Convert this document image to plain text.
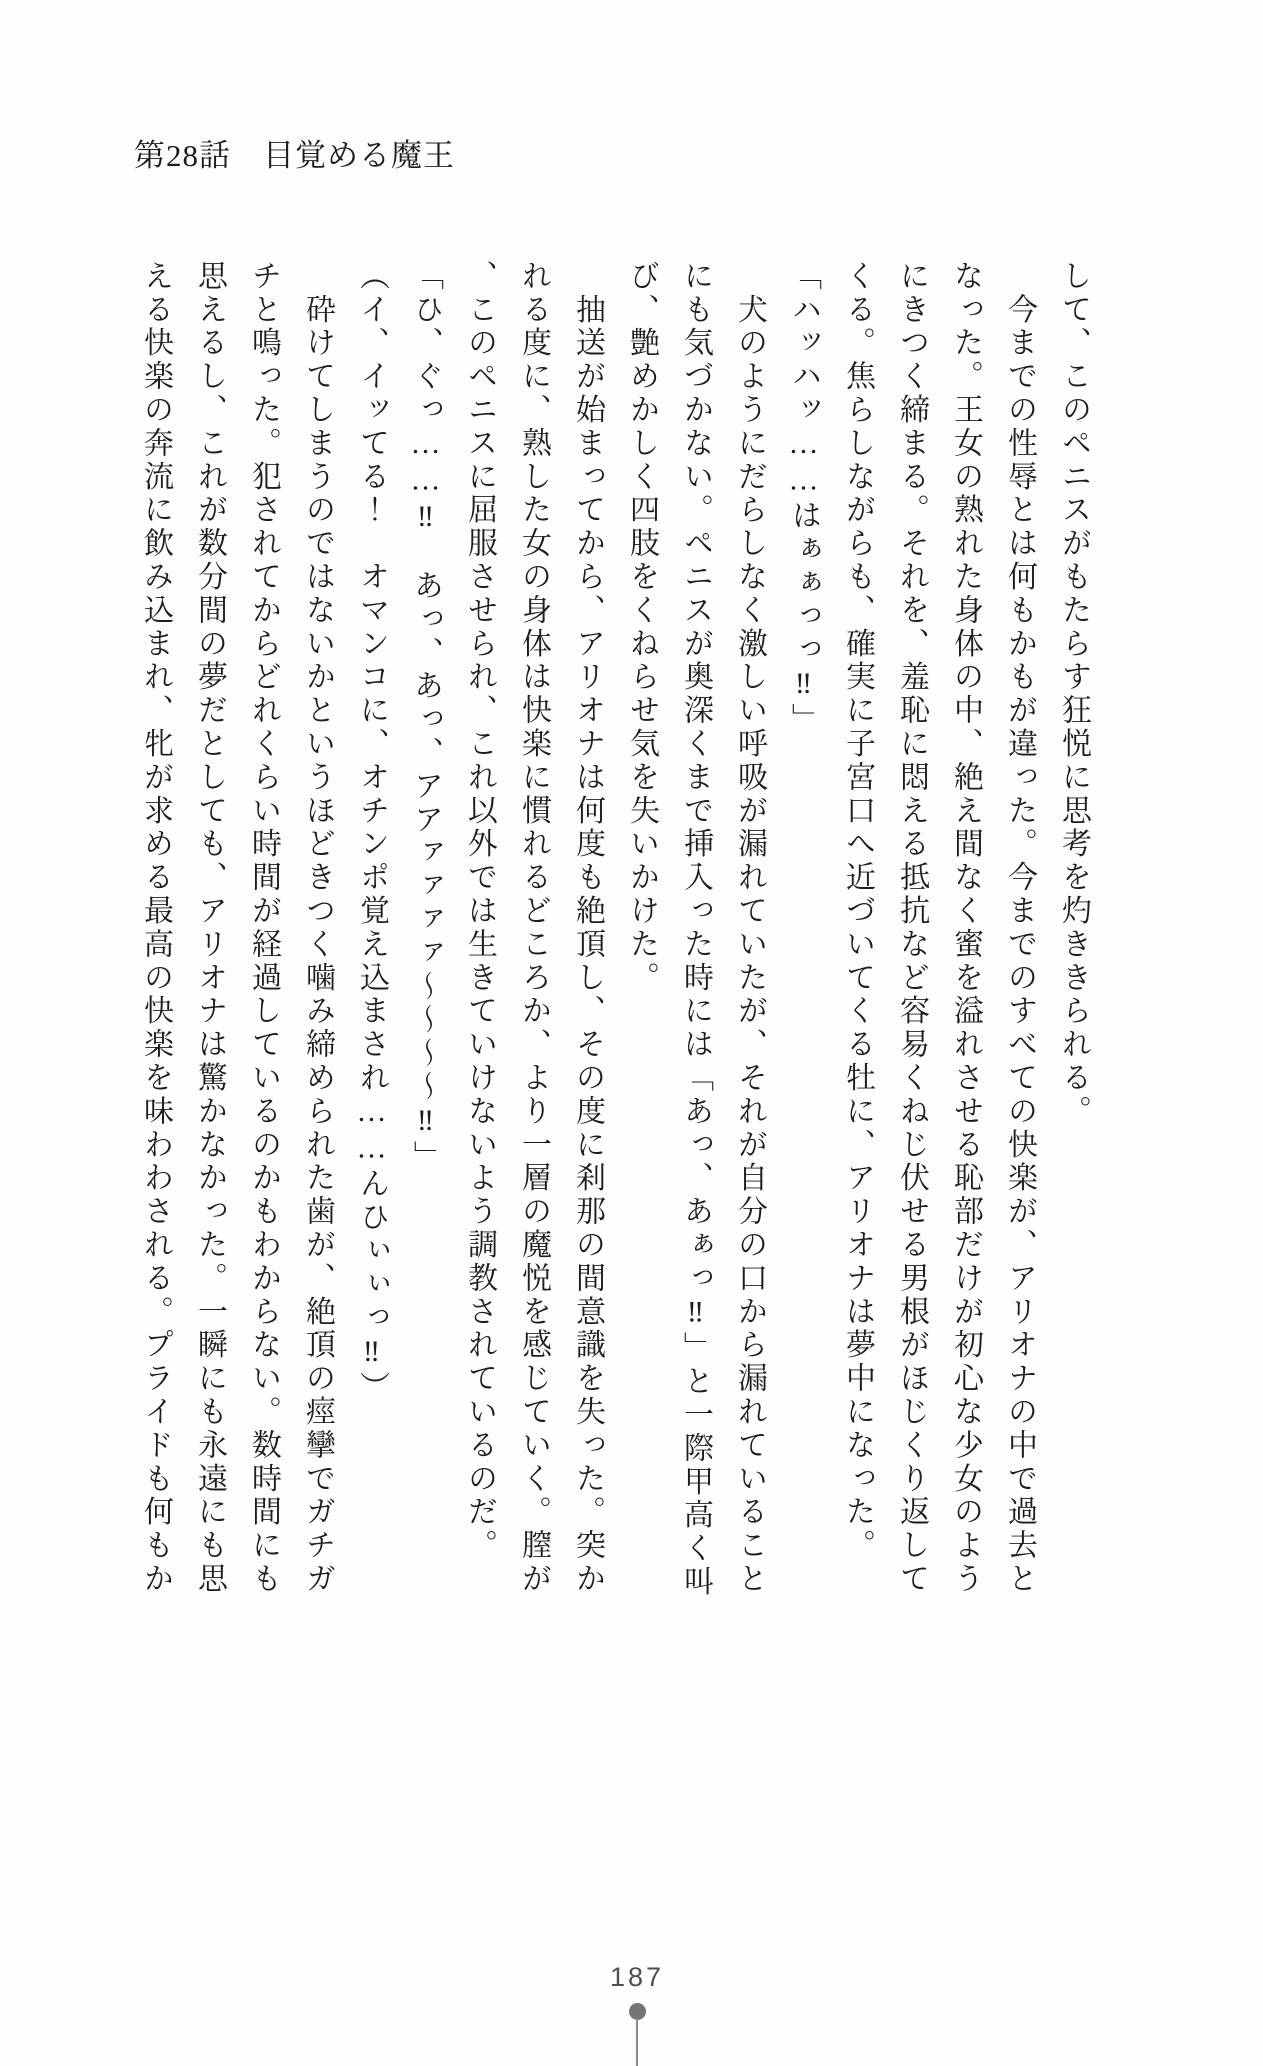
第28話　目覚める魔王

して、このペニスがもたらす狂悦に思考を灼ききられる。

　今までの性辱とは何もかもが違った。今までのすべての快楽が、アリオナの中で過去となった。王女の熟れた身体の中、絶え間なく蜜を溢れさせる恥部だけが初心な少女のようにきつく締まる。それを、羞恥に悶える抵抗など容易くねじ伏せる男根がほじくり返してくる。焦らしながらも、確実に子宮口へ近づいてくる牡に、アリオナは夢中になった。

「ハッハッ……はぁぁっっ‼」

　犬のようにだらしなく激しい呼吸が漏れていたが、それが自分の口から漏れていることにも気づかない。ペニスが奥深くまで挿入った時には「あっ、あぁっ‼」と一際甲高く叫び、艶めかしく四肢をくねらせ気を失いかけた。

　抽送が始まってから、アリオナは何度も絶頂し、その度に刹那の間意識を失った。突かれる度に、熟した女の身体は快楽に慣れるどころか、より一層の魔悦を感じていく。膣が、このペニスに屈服させられ、これ以外では生きていけないよう調教されているのだ。

「ひ、ぐっ……‼　あっ、あっ、アアァァァァ～～～～‼」

（イ、イッてる！　オマンコに、オチンポ覚え込まされ……んひぃぃっ‼）

　砕けてしまうのではないかというほどきつく噛み締められた歯が、絶頂の痙攣でガチガチと鳴った。犯されてからどれくらい時間が経過しているのかもわからない。数時間にも思えるし、これが数分間の夢だとしても、アリオナは驚かなかった。一瞬にも永遠にも思える快楽の奔流に飲み込まれ、牝が求める最高の快楽を味わわされる。プライドも何もか

187
